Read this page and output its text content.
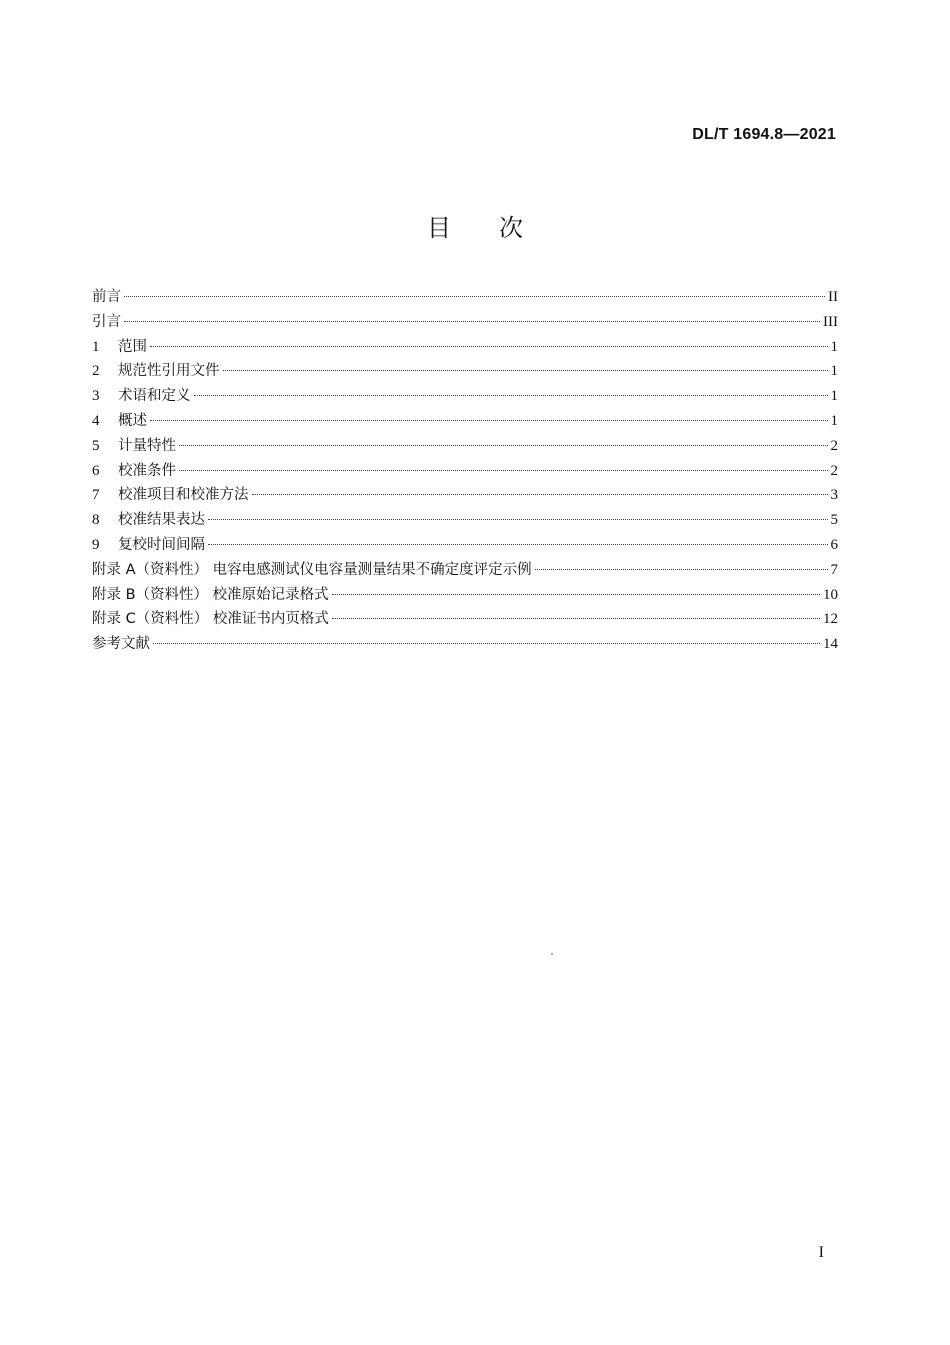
DL/T 1694.8—2021
目 次
前言	II
引言	III
1	范围	1
2	规范性引用文件	1
3	术语和定义	1
4	概述	1
5	计量特性	2
6	校准条件	2
7	校准项目和校准方法	3
8	校准结果表达	5
9	复校时间间隔	6
附录 A（资料性） 电容电感测试仪电容量测量结果不确定度评定示例	7
附录 B（资料性） 校准原始记录格式	10
附录 C（资料性） 校准证书内页格式	12
参考文献	14
I
